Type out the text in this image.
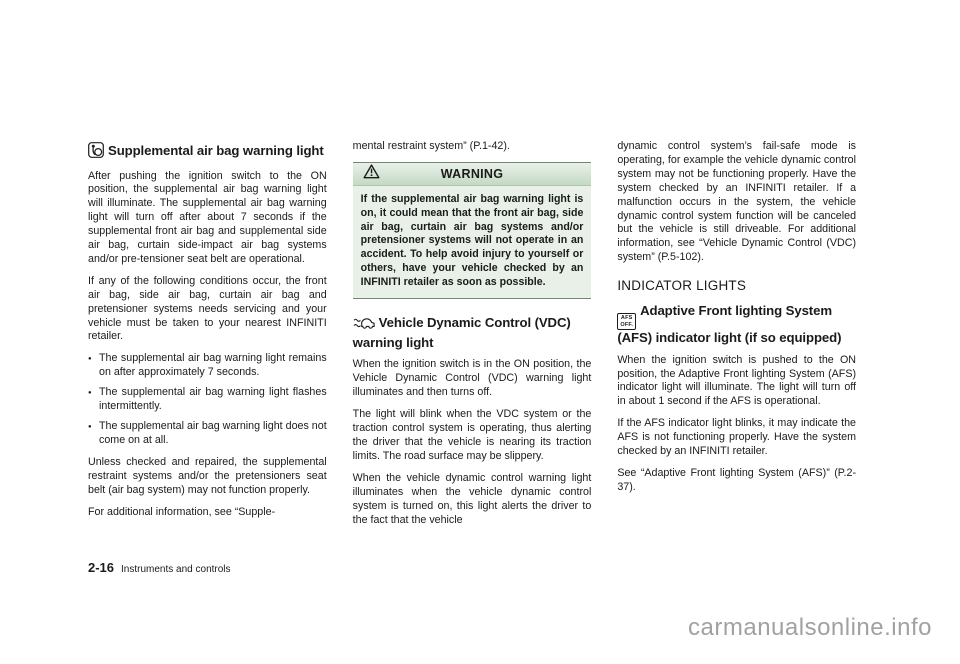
Supplemental air bag warning light

After pushing the ignition switch to the ON position, the supplemental air bag warning light will illuminate. The supplemental air bag warning light will turn off after about 7 seconds if the supplemental front air bag and supplemental side air bag, curtain side-impact air bag systems and/or pre-tensioner seat belt are operational.

If any of the following conditions occur, the front air bag, side air bag, curtain air bag and pretensioner systems needs servicing and your vehicle must be taken to your nearest INFINITI retailer.

● The supplemental air bag warning light remains on after approximately 7 seconds.
● The supplemental air bag warning light flashes intermittently.
● The supplemental air bag warning light does not come on at all.

Unless checked and repaired, the supplemental restraint systems and/or the pretensioners seat belt (air bag system) may not function properly.

For additional information, see “Supple-

mental restraint system” (P.1-42).

WARNING
If the supplemental air bag warning light is on, it could mean that the front air bag, side air bag, curtain air bag systems and/or pretensioner systems will not operate in an accident. To help avoid injury to yourself or others, have your vehicle checked by an INFINITI retailer as soon as possible.
Vehicle Dynamic Control (VDC) warning light

When the ignition switch is in the ON position, the Vehicle Dynamic Control (VDC) warning light illuminates and then turns off.

The light will blink when the VDC system or the traction control system is operating, thus alerting the driver that the vehicle is nearing its traction limits. The road surface may be slippery.

When the vehicle dynamic control warning light illuminates when the vehicle dynamic control system is turned on, this light alerts the driver to the fact that the vehicle

dynamic control system’s fail-safe mode is operating, for example the vehicle dynamic control system may not be functioning properly. Have the system checked by an INFINITI retailer. If a malfunction occurs in the system, the vehicle dynamic control system function will be canceled but the vehicle is still driveable. For additional information, see “Vehicle Dynamic Control (VDC) system” (P.5-102).

INDICATOR LIGHTS
AFS
OFF.
Adaptive Front lighting System (AFS) indicator light (if so equipped)

When the ignition switch is pushed to the ON position, the Adaptive Front lighting System (AFS) indicator light will illuminate. The light will turn off in about 1 second if the AFS is operational.

If the AFS indicator light blinks, it may indicate the AFS is not functioning properly. Have the system checked by an INFINITI retailer.

See “Adaptive Front lighting System (AFS)” (P.2-37).

2-16 Instruments and controls
carmanualsonline.info
